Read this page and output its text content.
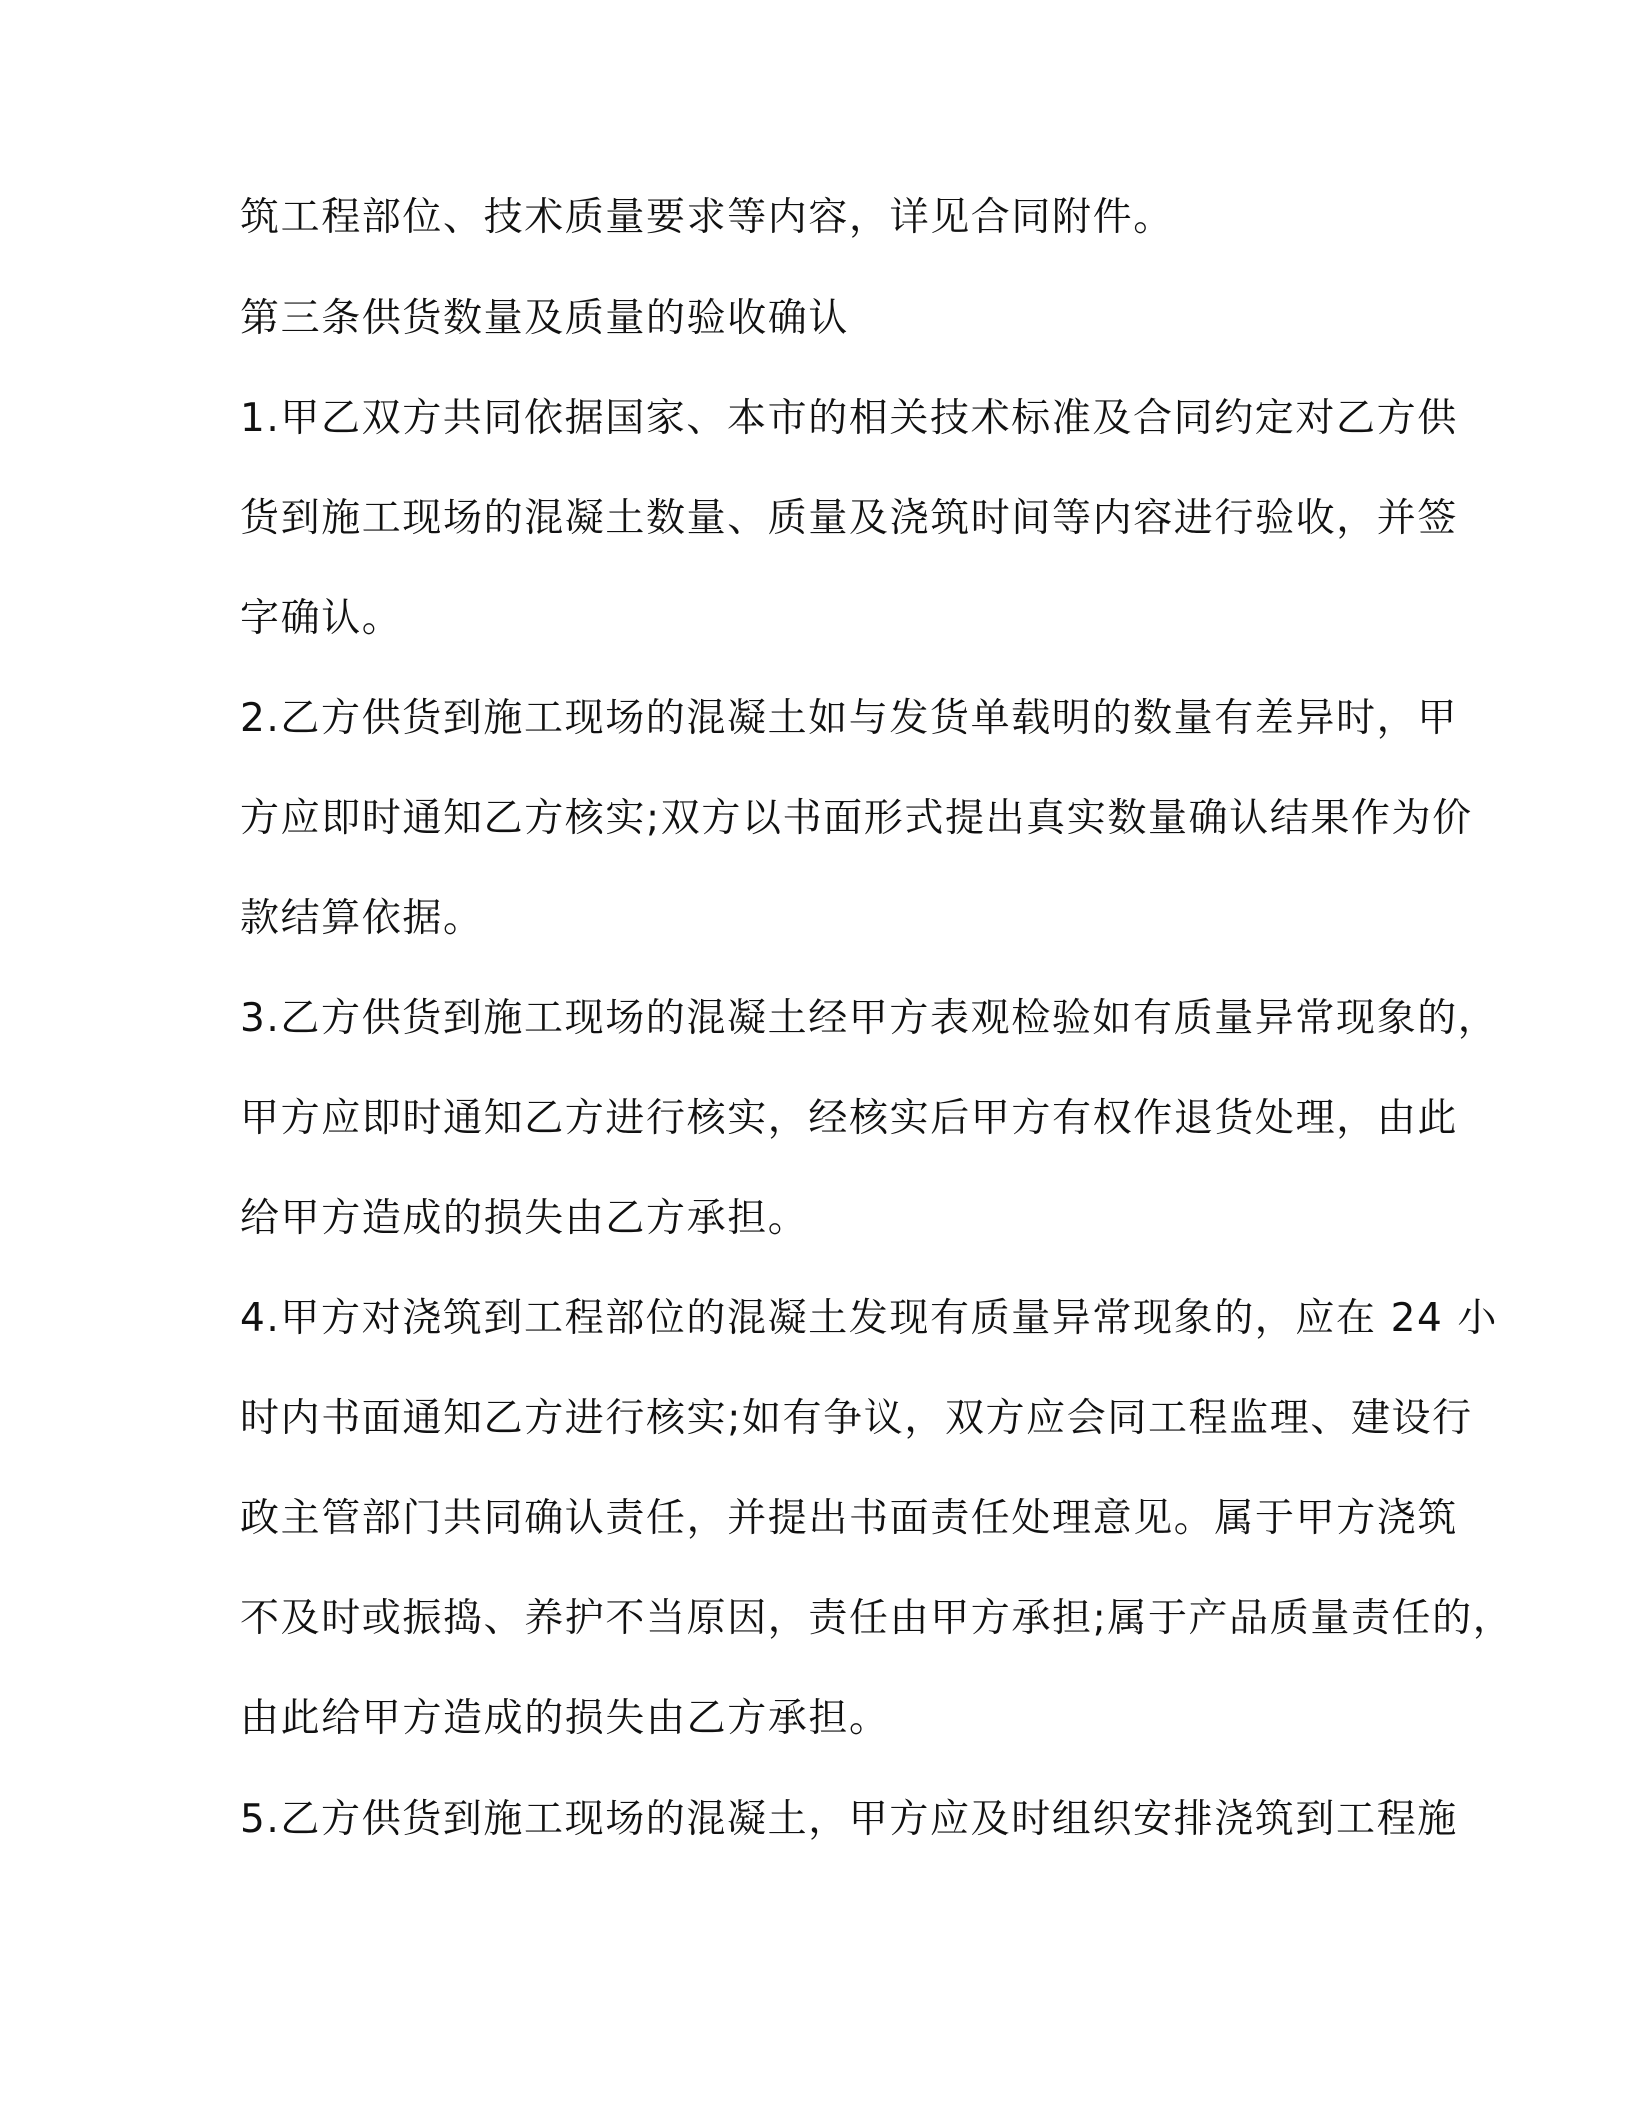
筑工程部位、技术质量要求等内容，详见合同附件。
第三条供货数量及质量的验收确认
1.甲乙双方共同依据国家、本市的相关技术标准及合同约定对乙方供
货到施工现场的混凝土数量、质量及浇筑时间等内容进行验收，并签
字确认。
2.乙方供货到施工现场的混凝土如与发货单载明的数量有差异时，甲
方应即时通知乙方核实;双方以书面形式提出真实数量确认结果作为价
款结算依据。
3.乙方供货到施工现场的混凝土经甲方表观检验如有质量异常现象的，
甲方应即时通知乙方进行核实，经核实后甲方有权作退货处理，由此
给甲方造成的损失由乙方承担。
4.甲方对浇筑到工程部位的混凝土发现有质量异常现象的，应在 24 小
时内书面通知乙方进行核实;如有争议，双方应会同工程监理、建设行
政主管部门共同确认责任，并提出书面责任处理意见。属于甲方浇筑
不及时或振捣、养护不当原因，责任由甲方承担;属于产品质量责任的，
由此给甲方造成的损失由乙方承担。
5.乙方供货到施工现场的混凝土，甲方应及时组织安排浇筑到工程施
